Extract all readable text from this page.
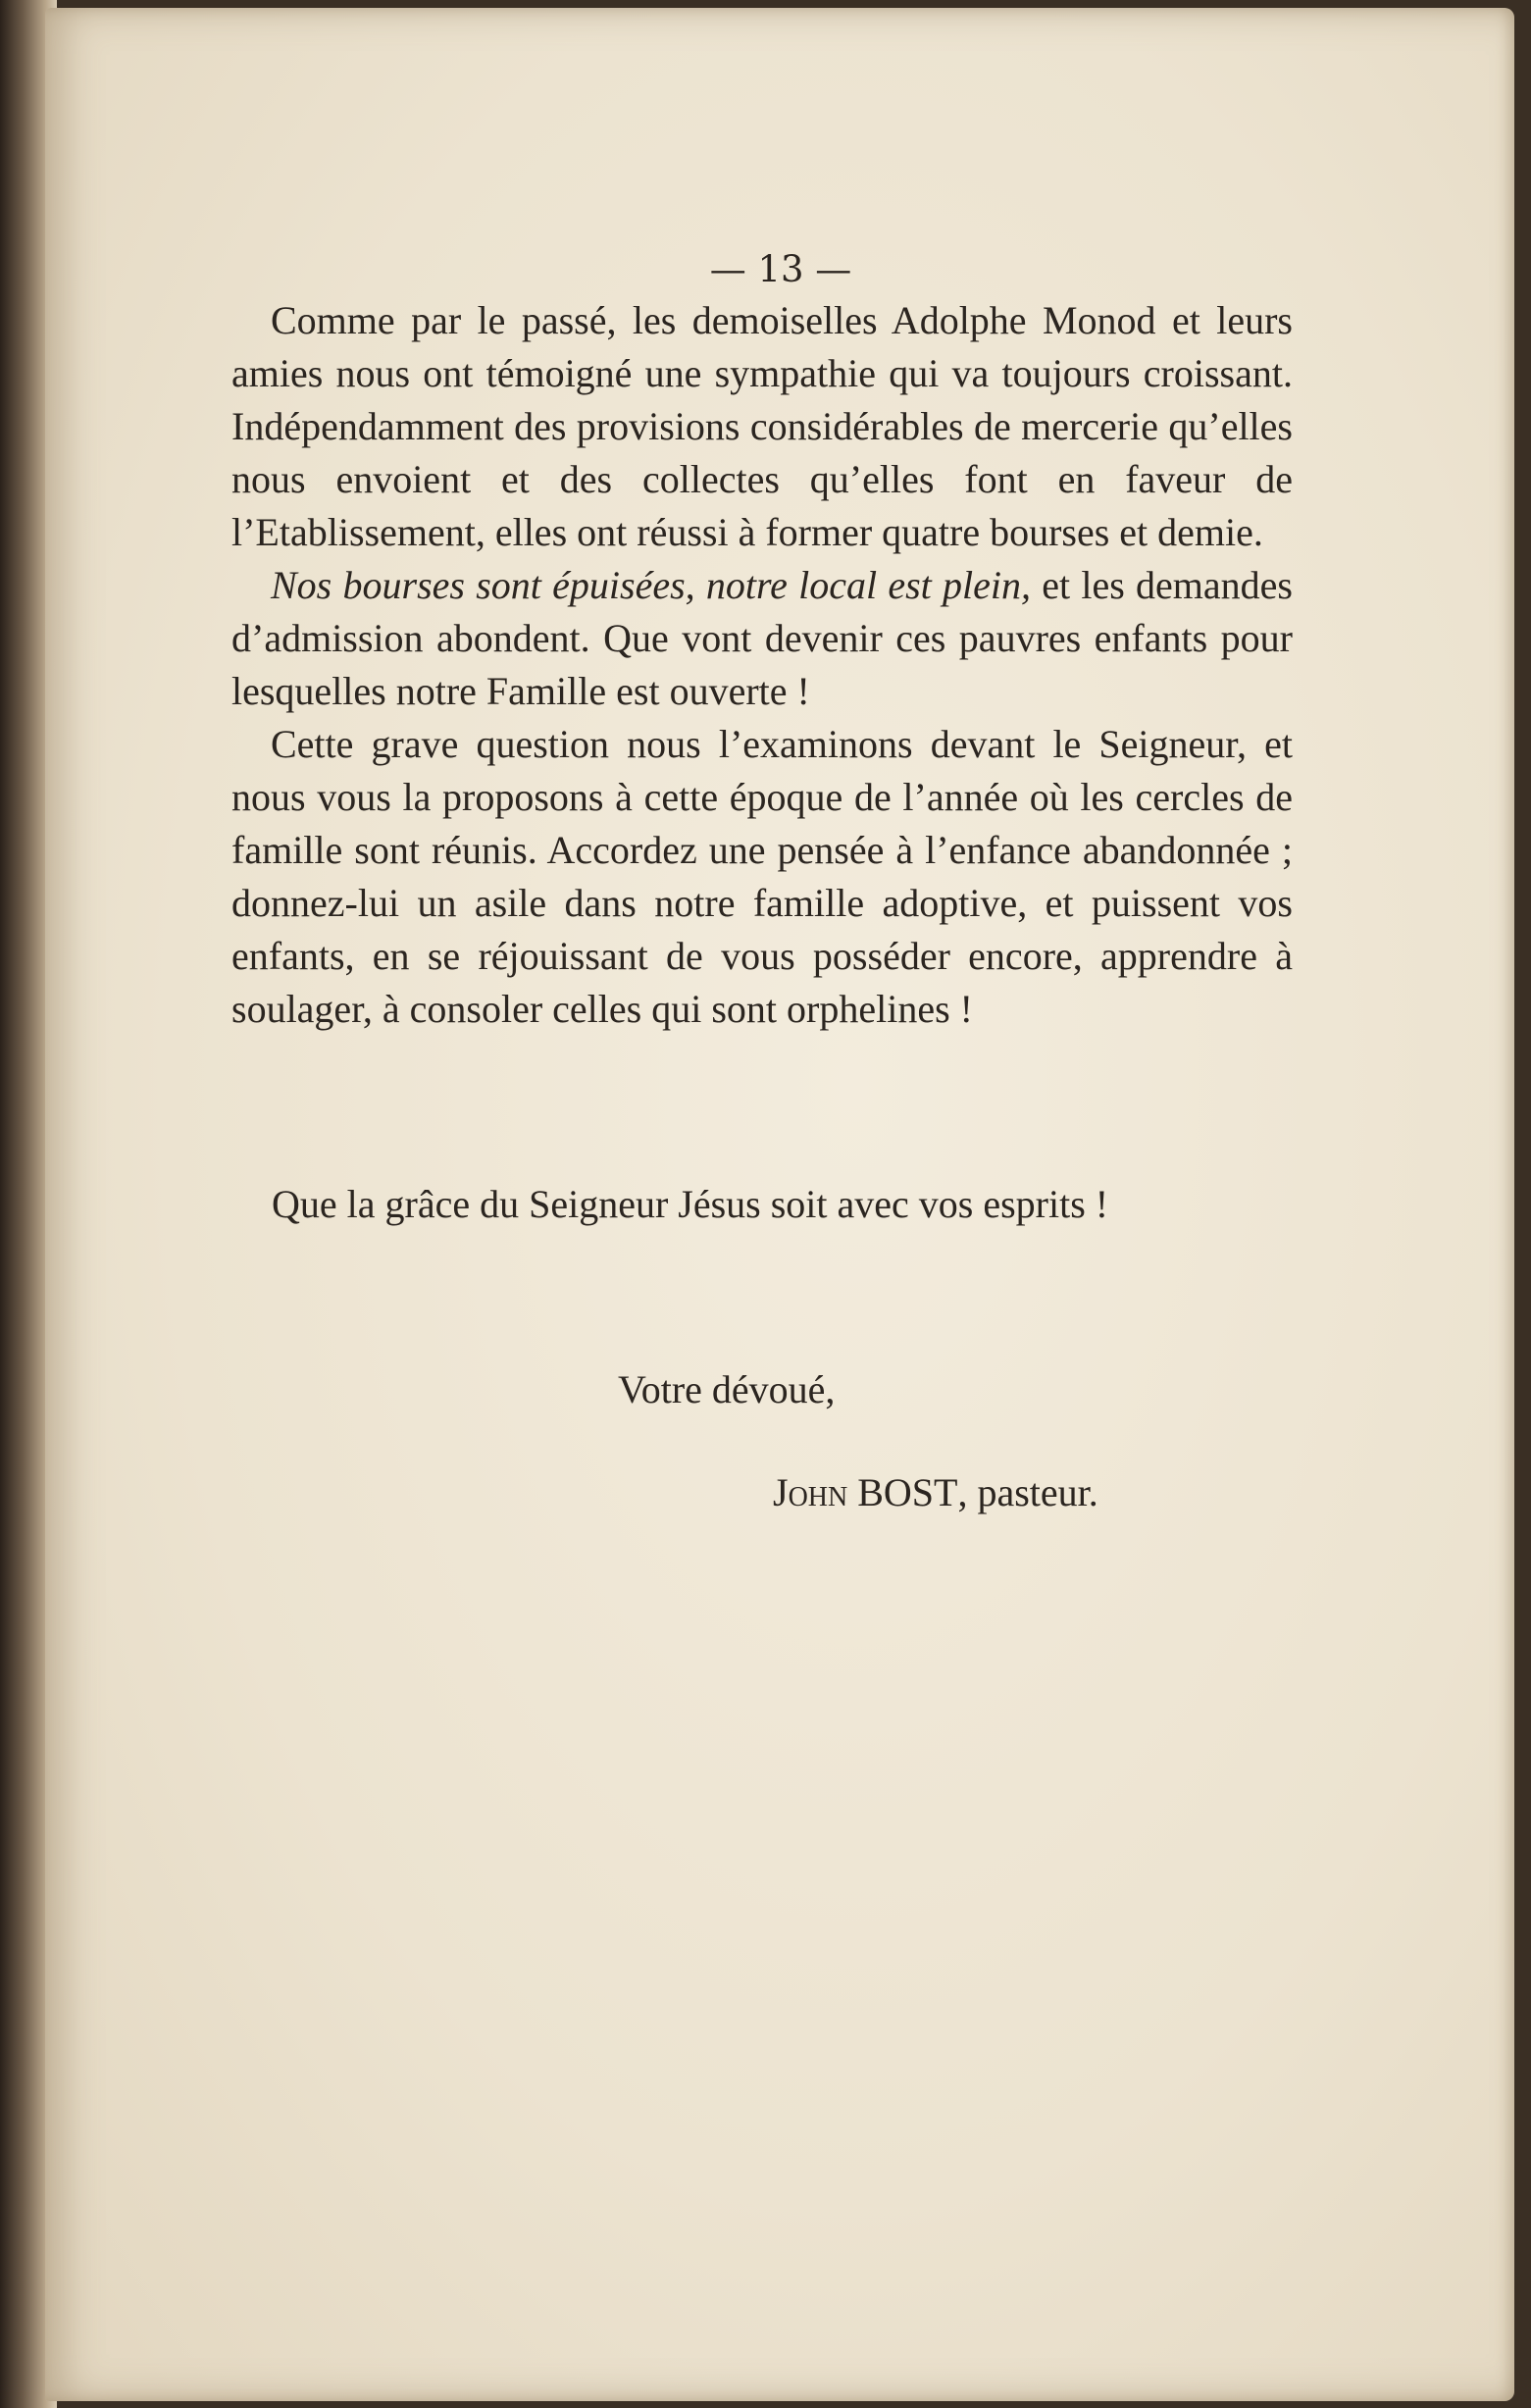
— 13 —

Comme par le passé, les demoiselles Adolphe Monod et leurs amies nous ont témoigné une sympathie qui va toujours croissant. Indépendamment des provisions considérables de mercerie qu’elles nous envoient et des collectes qu’elles font en faveur de l’Etablissement, elles ont réussi à former quatre bourses et demie.

Nos bourses sont épuisées, notre local est plein, et les demandes d’admission abondent. Que vont devenir ces pauvres enfants pour lesquelles notre Famille est ouverte !

Cette grave question nous l’examinons devant le Seigneur, et nous vous la proposons à cette époque de l’année où les cercles de famille sont réunis. Accordez une pensée à l’enfance abandonnée ; donnez-lui un asile dans notre famille adoptive, et puissent vos enfants, en se réjouissant de vous posséder encore, apprendre à soulager, à consoler celles qui sont orphelines !

Que la grâce du Seigneur Jésus soit avec vos esprits !
Votre dévoué,
John BOST, pasteur.
